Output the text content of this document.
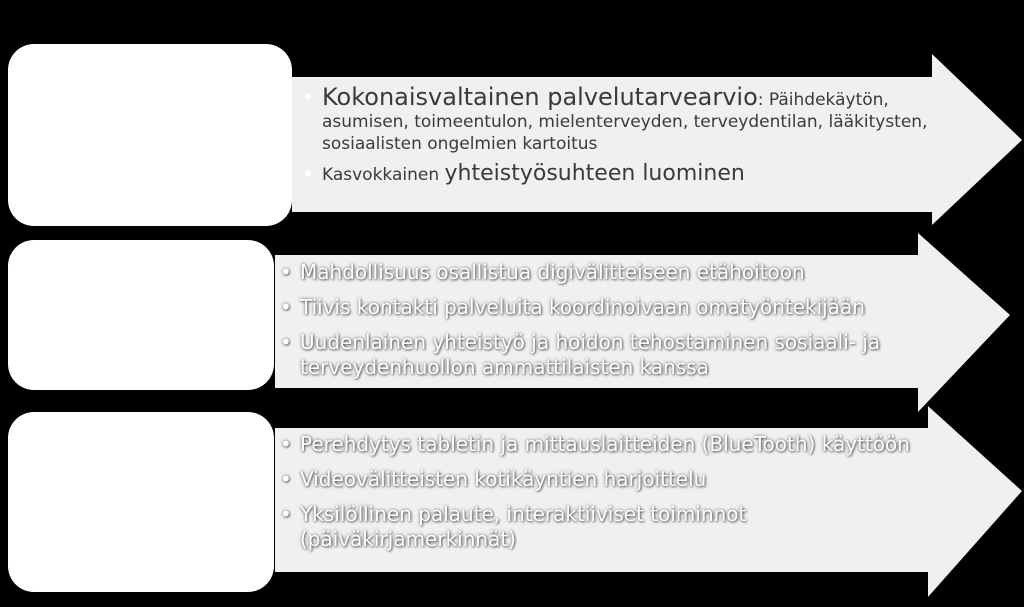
• Kokonaisvaltainen palvelutarvearvio: Päihdekäytön, asumisen, toimeentulon, mielenterveyden, terveydentilan, lääkitysten, sosiaalisten ongelmien kartoitus
• Kasvokkainen yhteistyösuhteen luominen
• Mahdollisuus osallistua digivälitteiseen etähoitoon
• Tiivis kontakti palveluita koordinoivaan omatyöntekijään
• Uudenlainen yhteistyö ja hoidon tehostaminen sosiaali- ja terveydenhuollon ammattilaisten kanssa
• Perehdytys tabletin ja mittauslaitteiden (BlueTooth) käyttöön
• Videovälitteisten kotikäyntien harjoittelu
• Yksilöllinen palaute, interaktiiviset toiminnot (päiväkirjamerkinnät)
